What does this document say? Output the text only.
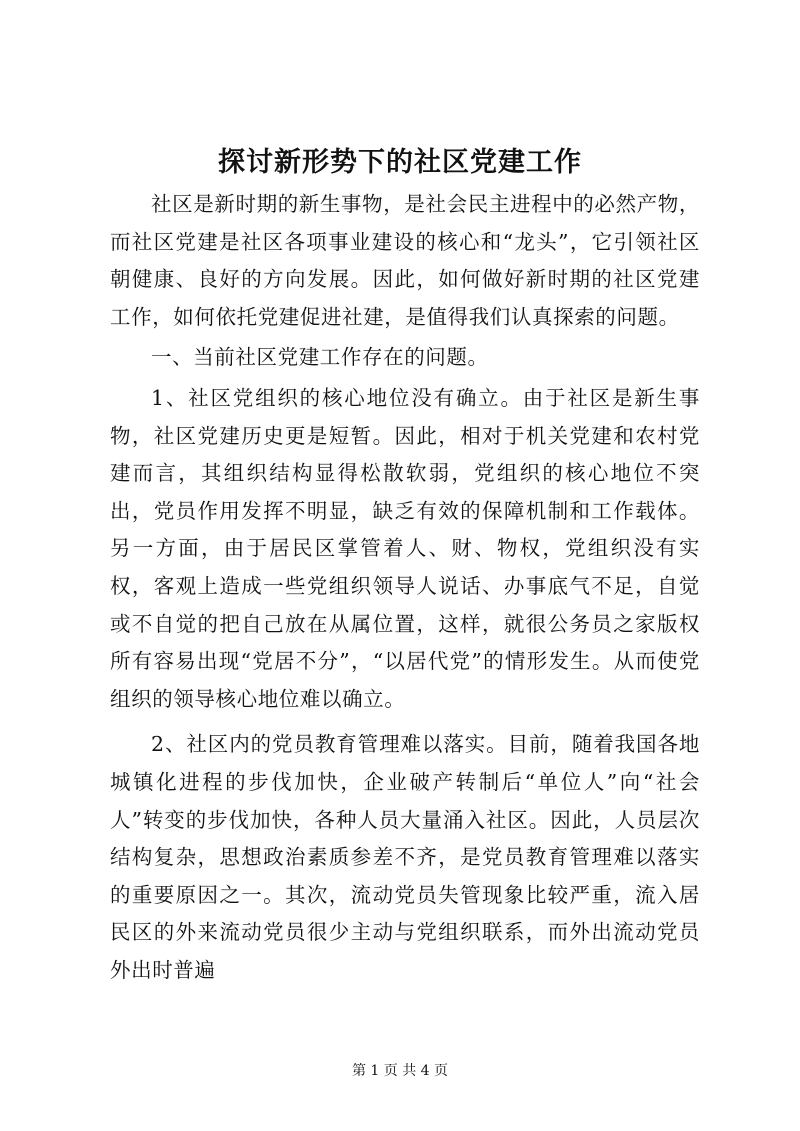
探讨新形势下的社区党建工作

社区是新时期的新生事物，是社会民主进程中的必然产物，而社区党建是社区各项事业建设的核心和“龙头”，它引领社区朝健康、良好的方向发展。因此，如何做好新时期的社区党建工作，如何依托党建促进社建，是值得我们认真探索的问题。

一、当前社区党建工作存在的问题。

1、社区党组织的核心地位没有确立。由于社区是新生事物，社区党建历史更是短暂。因此，相对于机关党建和农村党建而言，其组织结构显得松散软弱，党组织的核心地位不突出，党员作用发挥不明显，缺乏有效的保障机制和工作载体。另一方面，由于居民区掌管着人、财、物权，党组织没有实权，客观上造成一些党组织领导人说话、办事底气不足，自觉或不自觉的把自己放在从属位置，这样，就很公务员之家版权所有容易出现“党居不分”，“以居代党”的情形发生。从而使党组织的领导核心地位难以确立。

2、社区内的党员教育管理难以落实。目前，随着我国各地城镇化进程的步伐加快，企业破产转制后“单位人”向“社会人”转变的步伐加快，各种人员大量涌入社区。因此，人员层次结构复杂，思想政治素质参差不齐，是党员教育管理难以落实的重要原因之一。其次，流动党员失管现象比较严重，流入居民区的外来流动党员很少主动与党组织联系，而外出流动党员外出时普遍

第 1 页 共 4 页
